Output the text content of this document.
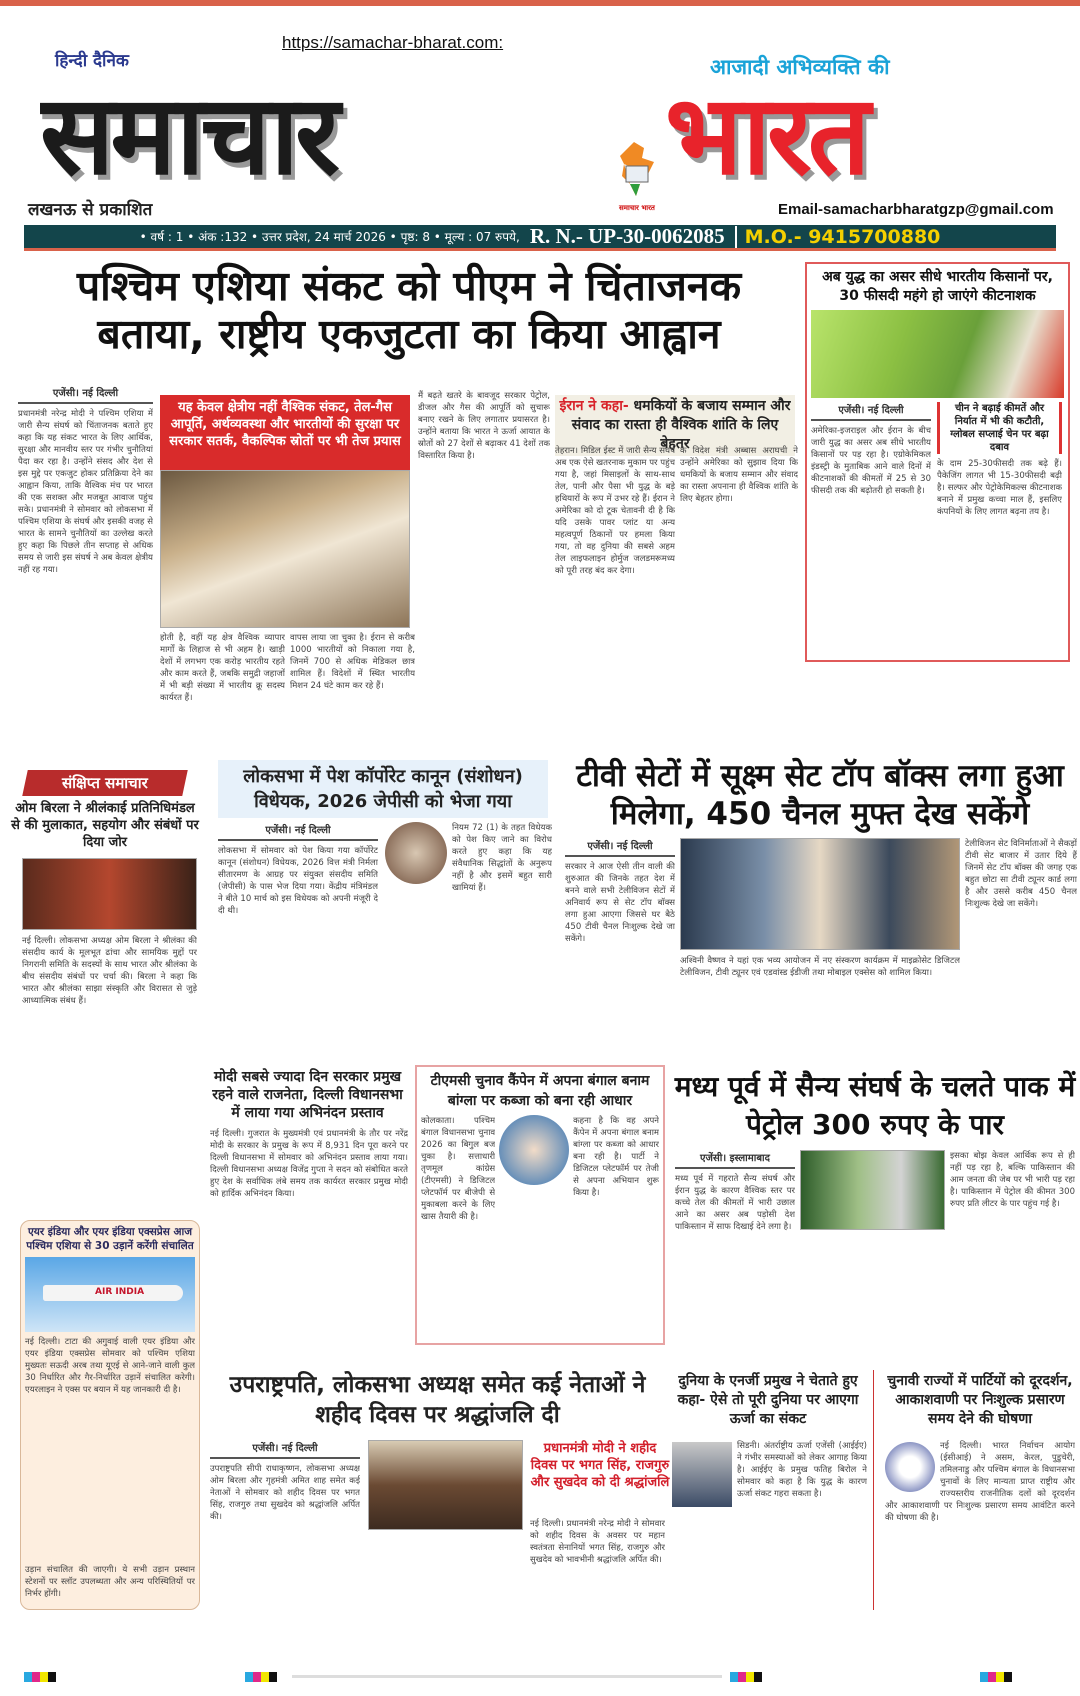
हिन्दी दैनिक
https://samachar-bharat.com:
आजादी अभिव्यक्ति की
समाचार	भारत
समाचार भारत
लखनऊ से प्रकाशित	Email-samacharbharatgzp@gmail.com
• वर्ष : 1 • अंक :132 • उत्तर प्रदेश, 24 मार्च 2026 • पृष्ठ: 8 • मूल्य : 07 रुपये, R. N.- UP-30-0062085	M.O.- 9415700880
पश्चिम एशिया संकट को पीएम ने चिंताजनक बताया, राष्ट्रीय एकजुटता का किया आह्वान
एजेंसी। नई दिल्ली
प्रधानमंत्री नरेन्द्र मोदी ने पश्चिम एशिया में जारी सैन्य संघर्ष को चिंताजनक बताते हुए कहा कि यह संकट भारत के लिए आर्थिक, सुरक्षा और मानवीय स्तर पर गंभीर चुनौतियां पैदा कर रहा है। उन्होंने संसद और देश से इस मुद्दे पर एकजुट होकर प्रतिक्रिया देने का आह्वान किया, ताकि वैश्विक मंच पर भारत की एक सशक्त और मजबूत आवाज पहुंच सके। प्रधानमंत्री ने सोमवार को लोकसभा में पश्चिम एशिया के संघर्ष और इसकी वजह से भारत के सामने चुनौतियों का उल्लेख करते हुए कहा कि पिछले तीन सप्ताह से अधिक समय से जारी इस संघर्ष ने अब केवल क्षेत्रीय नहीं रह गया।
यह केवल क्षेत्रीय नहीं वैश्विक संकट, तेल-गैस आपूर्ति, अर्थव्यवस्था और भारतीयों की सुरक्षा पर सरकार सतर्क, वैकल्पिक स्रोतों पर भी तेज प्रयास
मैं बढ़ते खतरे के बावजूद सरकार पेट्रोल, डीजल और गैस की आपूर्ति को सुचारू बनाए रखने के लिए लगातार प्रयासरत है। उन्होंने बताया कि भारत ने ऊर्जा आयात के स्रोतों को 27 देशों से बढ़ाकर 41 देशों तक विस्तारित किया है।
होती है, वहीं यह क्षेत्र वैश्विक व्यापार मार्गों के लिहाज से भी अहम है। खाड़ी देशों में लगभग एक करोड़ भारतीय रहते और काम करते हैं, जबकि समुद्री जहाजों में भी बड़ी संख्या में भारतीय क्रू सदस्य कार्यरत हैं।
वापस लाया जा चुका है। ईरान से करीब 1000 भारतीयों को निकाला गया है, जिनमें 700 से अधिक मेडिकल छात्र शामिल हैं। विदेशों में स्थित भारतीय मिशन 24 घंटे काम कर रहे हैं।
ईरान ने कहा- धमकियों के बजाय सम्मान और संवाद का रास्ता ही वैश्विक शांति के लिए बेहतर
तेहरान। मिडिल ईस्ट में जारी सैन्य संघर्ष अब एक ऐसे खतरनाक मुकाम पर पहुंच गया है, जहां मिसाइलों के साथ-साथ तेल, पानी और पैसा भी युद्ध के बड़े हथियारों के रूप में उभर रहे हैं। ईरान ने अमेरिका को दो टूक चेतावनी दी है कि यदि उसके पावर प्लांट या अन्य महत्वपूर्ण ठिकानों पर हमला किया गया, तो वह दुनिया की सबसे अहम तेल लाइफलाइन होर्मुज जलडमरूमध्य को पूरी तरह बंद कर देगा।
के विदेश मंत्री अब्बास अराघची ने उन्होंने अमेरिका को सुझाव दिया कि धमकियों के बजाय सम्मान और संवाद का रास्ता अपनाना ही वैश्विक शांति के लिए बेहतर होगा।
अब युद्ध का असर सीधे भारतीय किसानों पर, 30 फीसदी महंगे हो जाएंगे कीटनाशक
एजेंसी। नई दिल्ली
अमेरिका-इजराइल और ईरान के बीच जारी युद्ध का असर अब सीधे भारतीय किसानों पर पड़ रहा है। एग्रोकेमिकल इंडस्ट्री के मुताबिक आने वाले दिनों में कीटनाशकों की कीमतों में 25 से 30 फीसदी तक की बढ़ोतरी हो सकती है।
चीन ने बढ़ाई कीमतें और निर्यात में भी की कटौती, ग्लोबल सप्लाई चेन पर बढ़ा दबाव
के दाम 25-30फीसदी तक बढ़े हैं। पैकेजिंग लागत भी 15-30फीसदी बढ़ी है। सल्फर और पेट्रोकेमिकल्स कीटनाशक बनाने में प्रमुख कच्चा माल हैं, इसलिए कंपनियों के लिए लागत बढ़ना तय है।
संक्षिप्त समाचार
ओम बिरला ने श्रीलंकाई प्रतिनिधिमंडल से की मुलाकात, सहयोग और संबंधों पर दिया जोर
नई दिल्ली। लोकसभा अध्यक्ष ओम बिरला ने श्रीलंका की संसदीय कार्य के मूलभूत ढांचा और सामयिक मुद्दों पर निगरानी समिति के सदस्यों के साथ भारत और श्रीलंका के बीच संसदीय संबंधों पर चर्चा की। बिरला ने कहा कि भारत और श्रीलंका साझा संस्कृति और विरासत से जुड़े आध्यात्मिक संबंध हैं।
एयर इंडिया और एयर इंडिया एक्सप्रेस आज पश्चिम एशिया से 30 उड़ानें करेंगी संचालित
AIR INDIA
नई दिल्ली। टाटा की अगुवाई वाली एयर इंडिया और एयर इंडिया एक्सप्रेस सोमवार को पश्चिम एशिया मुख्यतः सऊदी अरब तथा यूएई से आने-जाने वाली कुल 30 निर्धारित और गैर-निर्धारित उड़ानें संचालित करेगी। एयरलाइन ने एक्स पर बयान में यह जानकारी दी है।
उड़ान संचालित की जाएगी। ये सभी उड़ान प्रस्थान स्टेशनों पर स्लॉट उपलब्धता और अन्य परिस्थितियों पर निर्भर होंगी।
लोकसभा में पेश कॉर्पोरेट कानून (संशोधन) विधेयक, 2026 जेपीसी को भेजा गया
एजेंसी। नई दिल्ली
लोकसभा में सोमवार को पेश किया गया कॉर्पोरेट कानून (संशोधन) विधेयक, 2026 वित्त मंत्री निर्मला सीतारमण के आग्रह पर संयुक्त संसदीय समिति (जेपीसी) के पास भेज दिया गया। केंद्रीय मंत्रिमंडल ने बीते 10 मार्च को इस विधेयक को अपनी मंजूरी दे दी थी।
नियम 72 (1) के तहत विधेयक को पेश किए जाने का विरोध करते हुए कहा कि यह संवैधानिक सिद्धांतों के अनुरूप नहीं है और इसमें बहुत सारी खामियां हैं।
टीवी सेटों में सूक्ष्म सेट टॉप बॉक्स लगा हुआ मिलेगा, 450 चैनल मुफ्त देख सकेंगे
एजेंसी। नई दिल्ली
सरकार ने आज ऐसी तीन वाली की शुरुआत की जिनके तहत देश में बनने वाले सभी टेलीविजन सेटों में अनिवार्य रूप से सेट टॉप बॉक्स लगा हुआ आएगा जिससे घर बैठे 450 टीवी चैनल निःशुल्क देखे जा सकेंगे।
अश्विनी वैष्णव ने यहां एक भव्य आयोजन में नए संस्करण कार्यक्रम में माइक्रोसेट डिजिटल टेलीविजन, टीवी ट्यूनर एवं एडवांस्ड ईडीजी तथा मोबाइल एक्सेस को शामिल किया।
टेलीविजन सेट विनिर्माताओं ने सैकड़ों टीवी सेट बाजार में उतार दिये हैं जिनमें सेट टॉप बॉक्स की जगह एक बहुत छोटा सा टीवी ट्यूनर कार्ड लगा है और उससे करीब 450 चैनल निःशुल्क देखे जा सकेंगे।
मोदी सबसे ज्यादा दिन सरकार प्रमुख रहने वाले राजनेता, दिल्ली विधानसभा में लाया गया अभिनंदन प्रस्ताव
नई दिल्ली। गुजरात के मुख्यमंत्री एवं प्रधानमंत्री के तौर पर नरेंद्र मोदी के सरकार के प्रमुख के रूप में 8,931 दिन पूरा करने पर दिल्ली विधानसभा में सोमवार को अभिनंदन प्रस्ताव लाया गया। दिल्ली विधानसभा अध्यक्ष विजेंद्र गुप्ता ने सदन को संबोधित करते हुए देश के सर्वाधिक लंबे समय तक कार्यरत सरकार प्रमुख मोदी को हार्दिक अभिनंदन किया।
टीएमसी चुनाव कैंपेन में अपना बंगाल बनाम बांग्ला पर कब्जा को बना रही आधार
कोलकाता। पश्चिम बंगाल विधानसभा चुनाव 2026 का बिगुल बज चुका है। सत्ताधारी तृणमूल कांग्रेस (टीएमसी) ने डिजिटल प्लेटफॉर्म पर बीजेपी से मुकाबला करने के लिए खास तैयारी की है।
कहना है कि वह अपने कैंपेन में अपना बंगाल बनाम बांग्ला पर कब्जा को आधार बना रही है। पार्टी ने डिजिटल प्लेटफॉर्म पर तेजी से अपना अभियान शुरू किया है।
मध्य पूर्व में सैन्य संघर्ष के चलते पाक में पेट्रोल 300 रुपए के पार
एजेंसी। इस्लामाबाद
मध्य पूर्व में गहराते सैन्य संघर्ष और ईरान युद्ध के कारण वैश्विक स्तर पर कच्चे तेल की कीमतों में भारी उछाल आने का असर अब पड़ोसी देश पाकिस्तान में साफ दिखाई देने लगा है।
इसका बोझ केवल आर्थिक रूप से ही नहीं पड़ रहा है, बल्कि पाकिस्तान की आम जनता की जेब पर भी भारी पड़ रहा है। पाकिस्तान में पेट्रोल की कीमत 300 रुपए प्रति लीटर के पार पहुंच गई है।
उपराष्ट्रपति, लोकसभा अध्यक्ष समेत कई नेताओं ने शहीद दिवस पर श्रद्धांजलि दी
एजेंसी। नई दिल्ली
उपराष्ट्रपति सीपी राधाकृष्णन, लोकसभा अध्यक्ष ओम बिरला और गृहमंत्री अमित शाह समेत कई नेताओं ने सोमवार को शहीद दिवस पर भगत सिंह, राजगुरु तथा सुखदेव को श्रद्धांजलि अर्पित की।
प्रधानमंत्री मोदी ने शहीद दिवस पर भगत सिंह, राजगुरु और सुखदेव को दी श्रद्धांजलि
नई दिल्ली। प्रधानमंत्री नरेन्द्र मोदी ने सोमवार को शहीद दिवस के अवसर पर महान स्वतंत्रता सेनानियों भगत सिंह, राजगुरु और सुखदेव को भावभीनी श्रद्धांजलि अर्पित की।
दुनिया के एनर्जी प्रमुख ने चेताते हुए कहा- ऐसे तो पूरी दुनिया पर आएगा ऊर्जा का संकट
सिडनी। अंतर्राष्ट्रीय ऊर्जा एजेंसी (आईईए) ने गंभीर समस्याओं को लेकर आगाह किया है। आईईए के प्रमुख फतिह बिरोल ने सोमवार को कहा है कि युद्ध के कारण ऊर्जा संकट गहरा सकता है।
चुनावी राज्यों में पार्टियों को दूरदर्शन, आकाशवाणी पर निःशुल्क प्रसारण समय देने की घोषणा
नई दिल्ली। भारत निर्वाचन आयोग (ईसीआई) ने असम, केरल, पुडुचेरी, तमिलनाडु और पश्चिम बंगाल के विधानसभा चुनावों के लिए मान्यता प्राप्त राष्ट्रीय और राज्यस्तरीय राजनीतिक दलों को दूरदर्शन और आकाशवाणी पर निःशुल्क प्रसारण समय आवंटित करने की घोषणा की है।
